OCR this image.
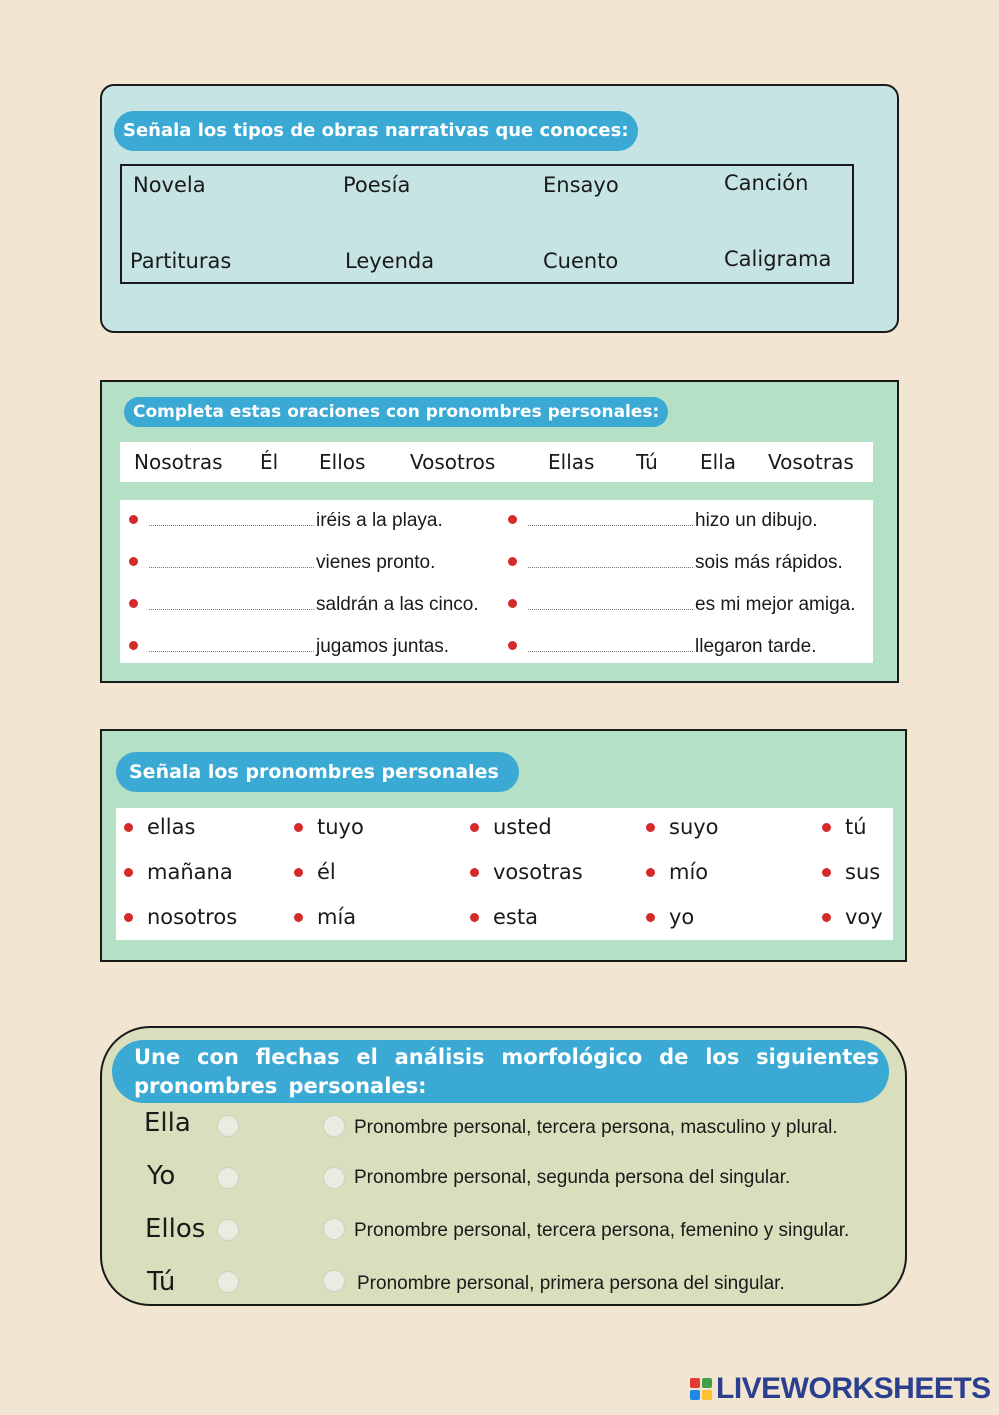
Señala los tipos de obras narrativas que conoces:
Novela	Poesía	Ensayo	Canción
Partituras	Leyenda	Cuento	Caligrama
Completa estas oraciones con pronombres personales:
Nosotras Él Ellos Vosotros	Ellas Tú Ella Vosotras
iréis a la playa.
vienes pronto.
saldrán a las cinco.
jugamos juntas.
hizo un dibujo.
sois más rápidos.
es mi mejor amiga.
llegaron tarde.
Señala los pronombres personales
ellas	tuyo	usted	suyo	tú
mañana	él	vosotras	mío	sus
nosotros	mía	esta	yo	voy
Une con flechas el análisis morfológico de los siguientes pronombres personales:
Ella
Yo
Ellos
Tú
Pronombre personal, tercera persona, masculino y plural.
Pronombre personal, segunda persona del singular.
Pronombre personal, tercera persona, femenino y singular.
Pronombre personal, primera persona del singular.
LIVEWORKSHEETS
